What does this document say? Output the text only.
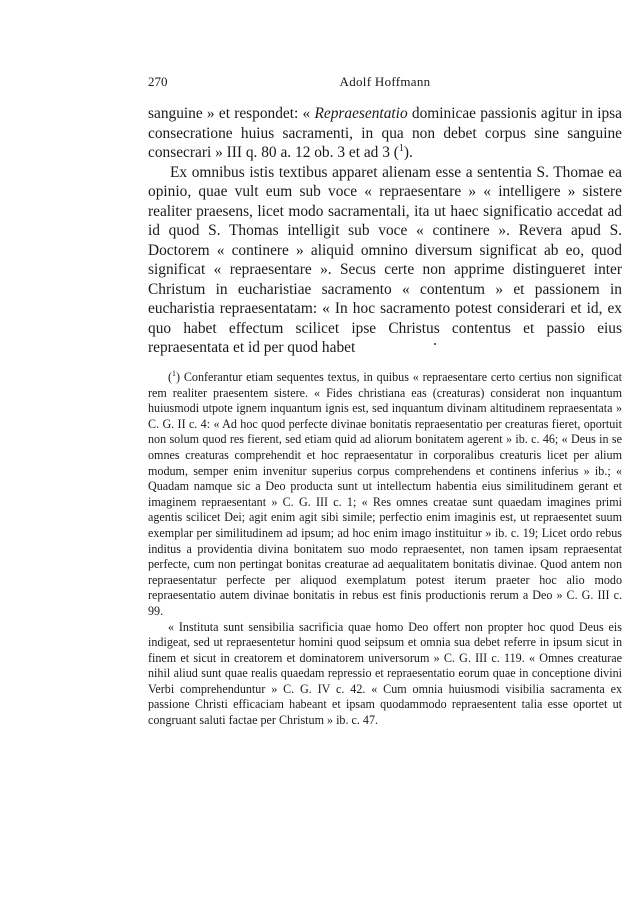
270	Adolf Hoffmann

sanguine » et respondet: « Repraesentatio dominicae passionis agitur in ipsa consecratione huius sacramenti, in qua non debet corpus sine sanguine consecrari » III q. 80 a. 12 ob. 3 et ad 3 ($^1$).

Ex omnibus istis textibus apparet alienam esse a sententia S. Thomae ea opinio, quae vult eum sub voce « repraesentare » « intelligere » sistere realiter praesens, licet modo sacramentali, ita ut haec significatio accedat ad id quod S. Thomas intelligit sub voce « continere ». Revera apud S. Doctorem « continere » aliquid omnino diversum significat ab eo, quod significat « repraesentare ». Secus certe non apprime distingueret inter Christum in eucharistiae sacramento « contentum » et passionem in eucharistia repraesentatam: « In hoc sacramento potest considerari et id, ex quo habet effectum scilicet ipse Christus contentus et passio eius repraesentata et id per quod habet

($^1$) Conferantur etiam sequentes textus, in quibus « repraesentare certo certius non significat rem realiter praesentem sistere. « Fides christiana eas (creaturas) considerat non inquantum huiusmodi utpote ignem inquantum ignis est, sed inquantum divinam altitudinem repraesentata » C. G. II c. 4: « Ad hoc quod perfecte divinae bonitatis repraesentatio per creaturas fieret, oportuit non solum quod res fierent, sed etiam quid ad aliorum bonitatem agerent » ib. c. 46; « Deus in se omnes creaturas comprehendit et hoc repraesentatur in corporalibus creaturis licet per alium modum, semper enim invenitur superius corpus comprehendens et continens inferius » ib.; « Quadam namque sic a Deo producta sunt ut intellectum habentia eius similitudinem gerant et imaginem repraesentant » C. G. III c. 1; « Res omnes creatae sunt quaedam imagines primi agentis scilicet Dei; agit enim agit sibi simile; perfectio enim imaginis est, ut repraesentet suum exemplar per similitudinem ad ipsum; ad hoc enim imago instituitur » ib. c. 19; Licet ordo rebus inditus a providentia divina bonitatem suo modo repraesentet, non tamen ipsam repraesentat perfecte, cum non pertingat bonitas creaturae ad aequalitatem bonitatis divinae. Quod antem non repraesentatur perfecte per aliquod exemplatum potest iterum praeter hoc alio modo repraesentatio autem divinae bonitatis in rebus est finis productionis rerum a Deo » C. G. III c. 99.

« Instituta sunt sensibilia sacrificia quae homo Deo offert non propter hoc quod Deus eis indigeat, sed ut repraesentetur homini quod seipsum et omnia sua debet referre in ipsum sicut in finem et sicut in creatorem et dominatorem universorum » C. G. III c. 119. « Omnes creaturae nihil aliud sunt quae realis quaedam repressio et repraesentatio eorum quae in conceptione divini Verbi comprehenduntur » C. G. IV c. 42. « Cum omnia huiusmodi visibilia sacramenta ex passione Christi efficaciam habeant et ipsam quodammodo repraesentent talia esse oportet ut congruant saluti factae per Christum » ib. c. 47.
